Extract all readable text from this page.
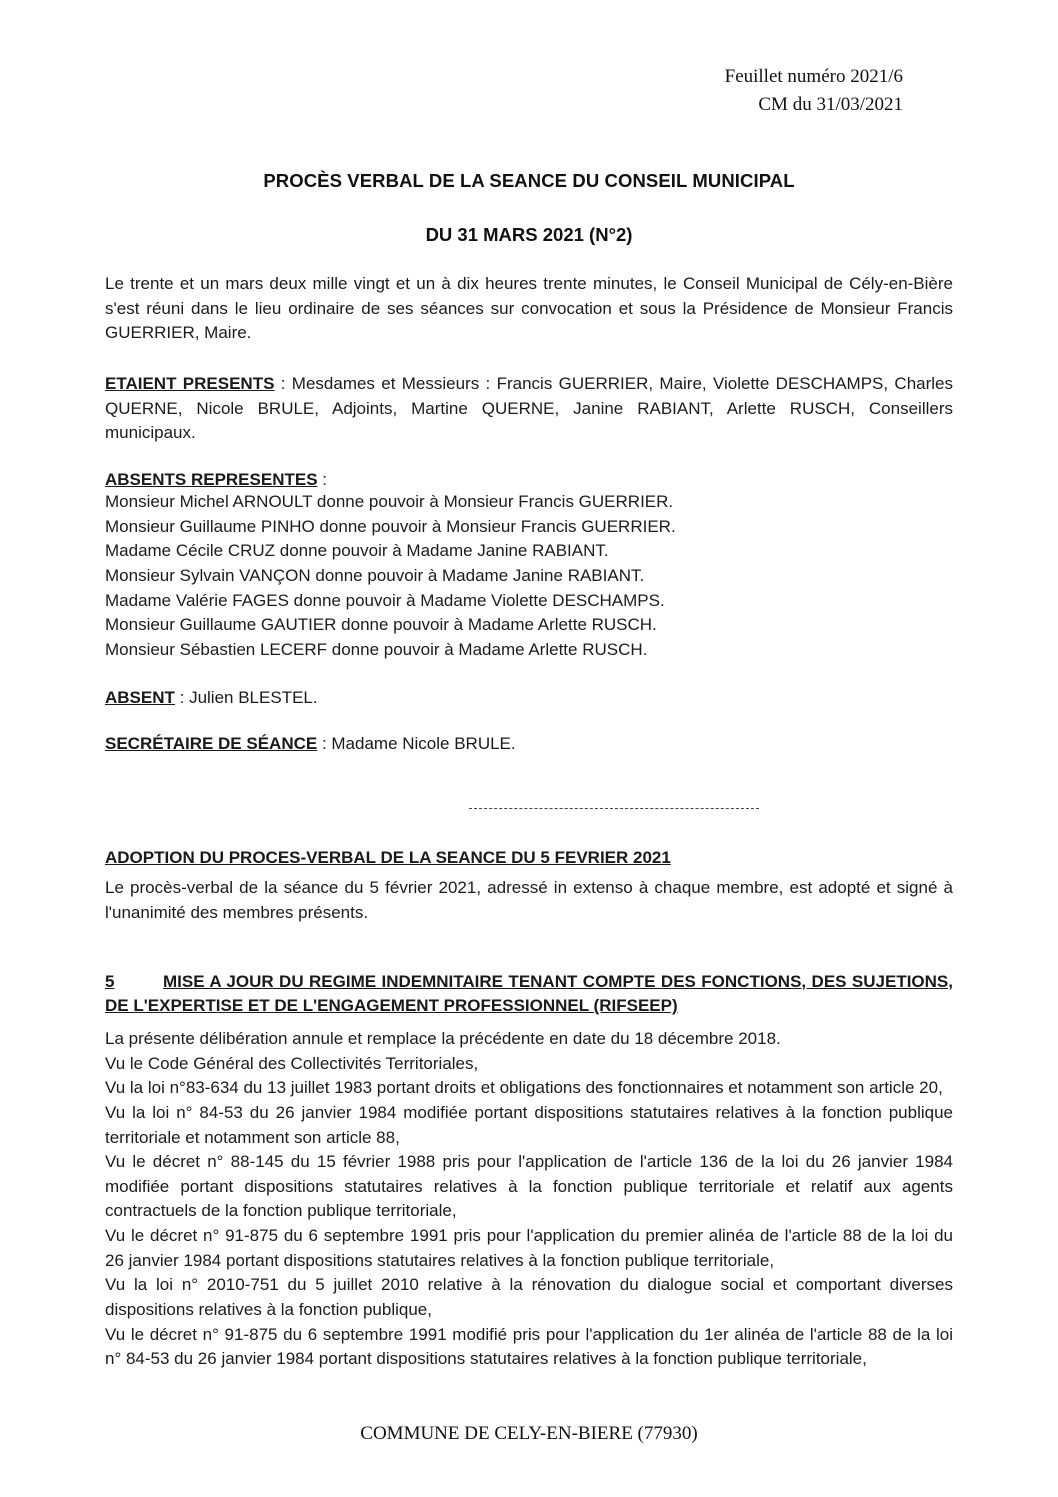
Feuillet numéro 2021/6
CM du 31/03/2021
PROCÈS VERBAL DE LA SEANCE DU CONSEIL MUNICIPAL
DU 31 MARS 2021 (N°2)
Le trente et un mars deux mille vingt et un à dix heures trente minutes, le Conseil Municipal de Cély-en-Bière s'est réuni dans le lieu ordinaire de ses séances sur convocation et sous la Présidence de Monsieur Francis GUERRIER, Maire.
ETAIENT PRESENTS : Mesdames et Messieurs : Francis GUERRIER, Maire, Violette DESCHAMPS, Charles QUERNE, Nicole BRULE, Adjoints, Martine QUERNE, Janine RABIANT, Arlette RUSCH, Conseillers municipaux.
ABSENTS REPRESENTES :
Monsieur Michel ARNOULT donne pouvoir à Monsieur Francis GUERRIER.
Monsieur Guillaume PINHO donne pouvoir à Monsieur Francis GUERRIER.
Madame Cécile CRUZ donne pouvoir à Madame Janine RABIANT.
Monsieur Sylvain VANÇON donne pouvoir à Madame Janine RABIANT.
Madame Valérie FAGES donne pouvoir à Madame Violette DESCHAMPS.
Monsieur Guillaume GAUTIER donne pouvoir à Madame Arlette RUSCH.
Monsieur Sébastien LECERF donne pouvoir à Madame Arlette RUSCH.
ABSENT : Julien BLESTEL.
SECRÉTAIRE DE SÉANCE : Madame Nicole BRULE.
ADOPTION DU PROCES-VERBAL DE LA SEANCE DU 5 FEVRIER 2021
Le procès-verbal de la séance du 5 février 2021, adressé in extenso à chaque membre, est adopté et signé à l'unanimité des membres présents.
5	MISE A JOUR DU REGIME INDEMNITAIRE TENANT COMPTE DES FONCTIONS, DES SUJETIONS, DE L'EXPERTISE ET DE L'ENGAGEMENT PROFESSIONNEL (RIFSEEP)
La présente délibération annule et remplace la précédente en date du 18 décembre 2018.
Vu le Code Général des Collectivités Territoriales,
Vu la loi n°83-634 du 13 juillet 1983 portant droits et obligations des fonctionnaires et notamment son article 20,
Vu la loi n° 84-53 du 26 janvier 1984 modifiée portant dispositions statutaires relatives à la fonction publique territoriale et notamment son article 88,
Vu le décret n° 88-145 du 15 février 1988 pris pour l'application de l'article 136 de la loi du 26 janvier 1984 modifiée portant dispositions statutaires relatives à la fonction publique territoriale et relatif aux agents contractuels de la fonction publique territoriale,
Vu le décret n° 91-875 du 6 septembre 1991 pris pour l'application du premier alinéa de l'article 88 de la loi du 26 janvier 1984 portant dispositions statutaires relatives à la fonction publique territoriale,
Vu la loi n° 2010-751 du 5 juillet 2010 relative à la rénovation du dialogue social et comportant diverses dispositions relatives à la fonction publique,
Vu le décret n° 91-875 du 6 septembre 1991 modifié pris pour l'application du 1er alinéa de l'article 88 de la loi n° 84-53 du 26 janvier 1984 portant dispositions statutaires relatives à la fonction publique territoriale,
COMMUNE DE CELY-EN-BIERE (77930)
